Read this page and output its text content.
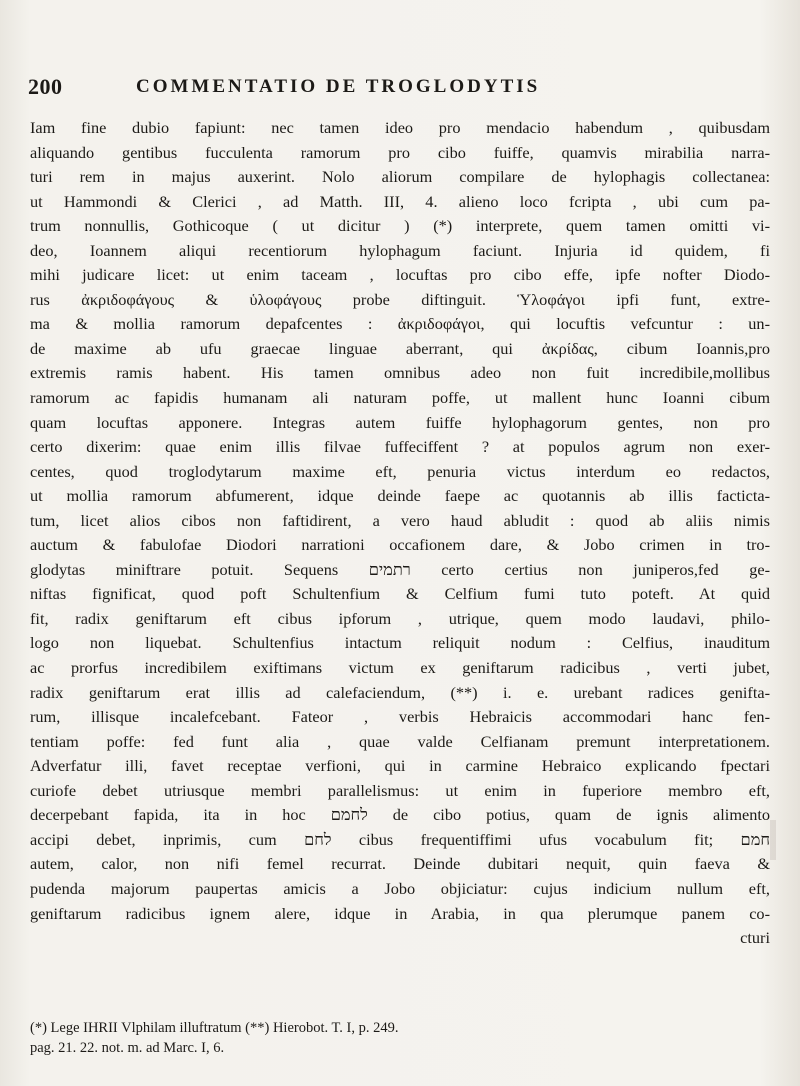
200	COMMENTATIO DE TROGLODYTIS
Iam fine dubio fapiunt: nec tamen ideo pro mendacio habendum , quibusdam
aliquando gentibus fucculenta ramorum pro cibo fuiffe, quamvis mirabilia narra-
turi rem in majus auxerint. Nolo aliorum compilare de hylophagis collectanea:
ut Hammondi & Clerici , ad Matth. III, 4. alieno loco fcripta , ubi cum pa-
trum nonnullis, Gothicoque ( ut dicitur ) (*) interprete, quem tamen omitti vi-
deo, Ioannem aliqui recentiorum hylophagum faciunt. Injuria id quidem, fi
mihi judicare licet: ut enim taceam , locuftas pro cibo effe, ipfe nofter Diodo-
rus ἀκριδοφάγους & ὑλοφάγους probe diftinguit. Ὑλοφάγοι ipfi funt, extre-
ma & mollia ramorum depafcentes : ἀκριδοφάγοι, qui locuftis vefcuntur : un-
de maxime ab ufu graecae linguae aberrant, qui ἀκρίδας, cibum Ioannis,pro
extremis ramis habent. His tamen omnibus adeo non fuit incredibile,mollibus
ramorum ac fapidis humanam ali naturam poffe, ut mallent hunc Ioanni cibum
quam locuftas apponere. Integras autem fuiffe hylophagorum gentes, non pro
certo dixerim: quae enim illis filvae fuffeciffent ? at populos agrum non exer-
centes, quod troglodytarum maxime eft, penuria victus interdum eo redactos,
ut mollia ramorum abfumerent, idque deinde faepe ac quotannis ab illis facticta-
tum, licet alios cibos non faftidirent, a vero haud abludit : quod ab aliis nimis
auctum & fabulofae Diodori narrationi occafionem dare, & Jobo crimen in tro-
glodytas miniftrare potuit. Sequens רתמים certo certius non juniperos,fed ge-
niftas fignificat, quod poft Schultenfium & Celfium fumi tuto poteft. At quid
fit, radix geniftarum eft cibus ipforum , utrique, quem modo laudavi, philo-
logo non liquebat. Schultenfius intactum reliquit nodum : Celfius, inauditum
ac prorfus incredibilem exiftimans victum ex geniftarum radicibus , verti jubet,
radix geniftarum erat illis ad calefaciendum, (**) i. e. urebant radices genifta-
rum, illisque incalefcebant. Fateor , verbis Hebraicis accommodari hanc fen-
tentiam poffe: fed funt alia , quae valde Celfianam premunt interpretationem.
Adverfatur illi, favet receptae verfioni, qui in carmine Hebraico explicando fpectari
curiofe debet utriusque membri parallelismus: ut enim in fuperiore membro eft,
decerpebant fapida, ita in hoc לחמם de cibo potius, quam de ignis alimento
accipi debet, inprimis, cum לחם cibus frequentiffimi ufus vocabulum fit; חמם
autem, calor, non nifi femel recurrat. Deinde dubitari nequit, quin faeva &
pudenda majorum paupertas amicis a Jobo objiciatur: cujus indicium nullum eft,
geniftarum radicibus ignem alere, idque in Arabia, in qua plerumque panem co-
cturi
(*) Lege IHRII Vlphilam illuftratum (**) Hierobot. T. I, p. 249.
pag. 21. 22. not. m. ad Marc. I, 6.
